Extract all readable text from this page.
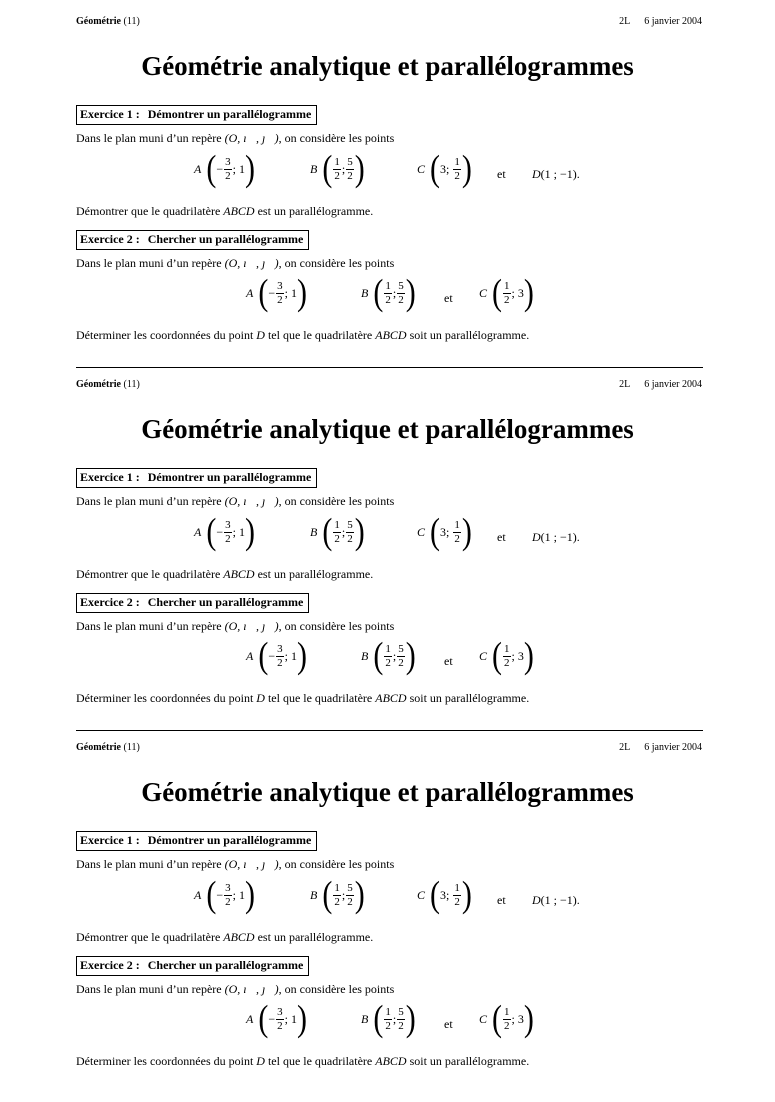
Géométrie (11)	2L 6 janvier 2004
Géométrie analytique et parallélogrammes
Exercice 1 : Démontrer un parallélogramme
Dans le plan muni d’un repère (O, ı⃗, ȷ⃗), on considère les points
A ( − $\frac{3}{2}$ ; 1 )	B ( $\frac{1}{2}$ ; $\frac{5}{2}$ )	C ( 3 ; $\frac{1}{2}$ ) et D (1 ; −1).
Démontrer que le quadrilatère ABCD est un parallélogramme.
Exercice 2 : Chercher un parallélogramme
Dans le plan muni d’un repère (O, ı⃗, ȷ⃗), on considère les points
A ( − $\frac{3}{2}$ ; 1 )	B ( $\frac{1}{2}$ ; $\frac{5}{2}$ ) et C ( $\frac{1}{2}$ ; 3 )
Déterminer les coordonnées du point D tel que le quadrilatère ABCD soit un parallélogramme.
Géométrie (11)	2L 6 janvier 2004
Géométrie analytique et parallélogrammes
Exercice 1 : Démontrer un parallélogramme
Dans le plan muni d’un repère (O, ı⃗, ȷ⃗), on considère les points
A ( − $\frac{3}{2}$ ; 1 )	B ( $\frac{1}{2}$ ; $\frac{5}{2}$ )	C ( 3 ; $\frac{1}{2}$ ) et D (1 ; −1).
Démontrer que le quadrilatère ABCD est un parallélogramme.
Exercice 2 : Chercher un parallélogramme
Dans le plan muni d’un repère (O, ı⃗, ȷ⃗), on considère les points
A ( − $\frac{3}{2}$ ; 1 )	B ( $\frac{1}{2}$ ; $\frac{5}{2}$ ) et C ( $\frac{1}{2}$ ; 3 )
Déterminer les coordonnées du point D tel que le quadrilatère ABCD soit un parallélogramme.
Géométrie (11)	2L 6 janvier 2004
Géométrie analytique et parallélogrammes
Exercice 1 : Démontrer un parallélogramme
Dans le plan muni d’un repère (O, ı⃗, ȷ⃗), on considère les points
A ( − $\frac{3}{2}$ ; 1 )	B ( $\frac{1}{2}$ ; $\frac{5}{2}$ )	C ( 3 ; $\frac{1}{2}$ ) et D (1 ; −1).
Démontrer que le quadrilatère ABCD est un parallélogramme.
Exercice 2 : Chercher un parallélogramme
Dans le plan muni d’un repère (O, ı⃗, ȷ⃗), on considère les points
A ( − $\frac{3}{2}$ ; 1 )	B ( $\frac{1}{2}$ ; $\frac{5}{2}$ ) et C ( $\frac{1}{2}$ ; 3 )
Déterminer les coordonnées du point D tel que le quadrilatère ABCD soit un parallélogramme.
